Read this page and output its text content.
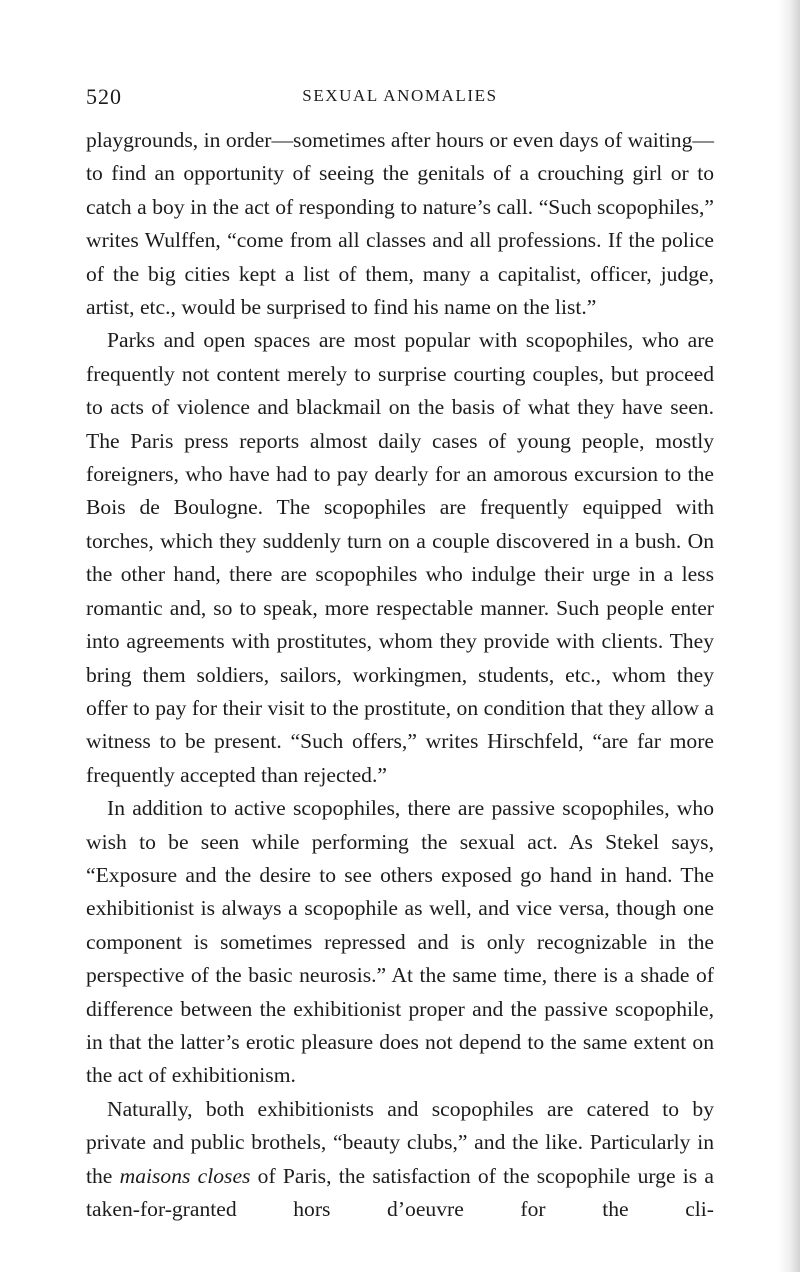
520	SEXUAL ANOMALIES

playgrounds, in order—sometimes after hours or even days of waiting—to find an opportunity of seeing the genitals of a crouching girl or to catch a boy in the act of responding to nature’s call. “Such scopophiles,” writes Wulffen, “come from all classes and all professions. If the police of the big cities kept a list of them, many a capitalist, officer, judge, artist, etc., would be surprised to find his name on the list.”

Parks and open spaces are most popular with scopophiles, who are frequently not content merely to surprise courting couples, but proceed to acts of violence and blackmail on the basis of what they have seen. The Paris press reports almost daily cases of young people, mostly foreigners, who have had to pay dearly for an amorous excursion to the Bois de Boulogne. The scopophiles are frequently equipped with torches, which they suddenly turn on a couple discovered in a bush. On the other hand, there are scopophiles who indulge their urge in a less romantic and, so to speak, more respectable manner. Such people enter into agreements with prostitutes, whom they provide with clients. They bring them soldiers, sailors, workingmen, students, etc., whom they offer to pay for their visit to the prostitute, on condition that they allow a witness to be present. “Such offers,” writes Hirschfeld, “are far more frequently accepted than rejected.”

In addition to active scopophiles, there are passive scopophiles, who wish to be seen while performing the sexual act. As Stekel says, “Exposure and the desire to see others exposed go hand in hand. The exhibitionist is always a scopophile as well, and vice versa, though one component is sometimes repressed and is only recognizable in the perspective of the basic neurosis.” At the same time, there is a shade of difference between the exhibitionist proper and the passive scopophile, in that the latter’s erotic pleasure does not depend to the same extent on the act of exhibitionism.

Naturally, both exhibitionists and scopophiles are catered to by private and public brothels, “beauty clubs,” and the like. Particularly in the maisons closes of Paris, the satisfaction of the scopophile urge is a taken-for-granted hors d’oeuvre for the cli-
